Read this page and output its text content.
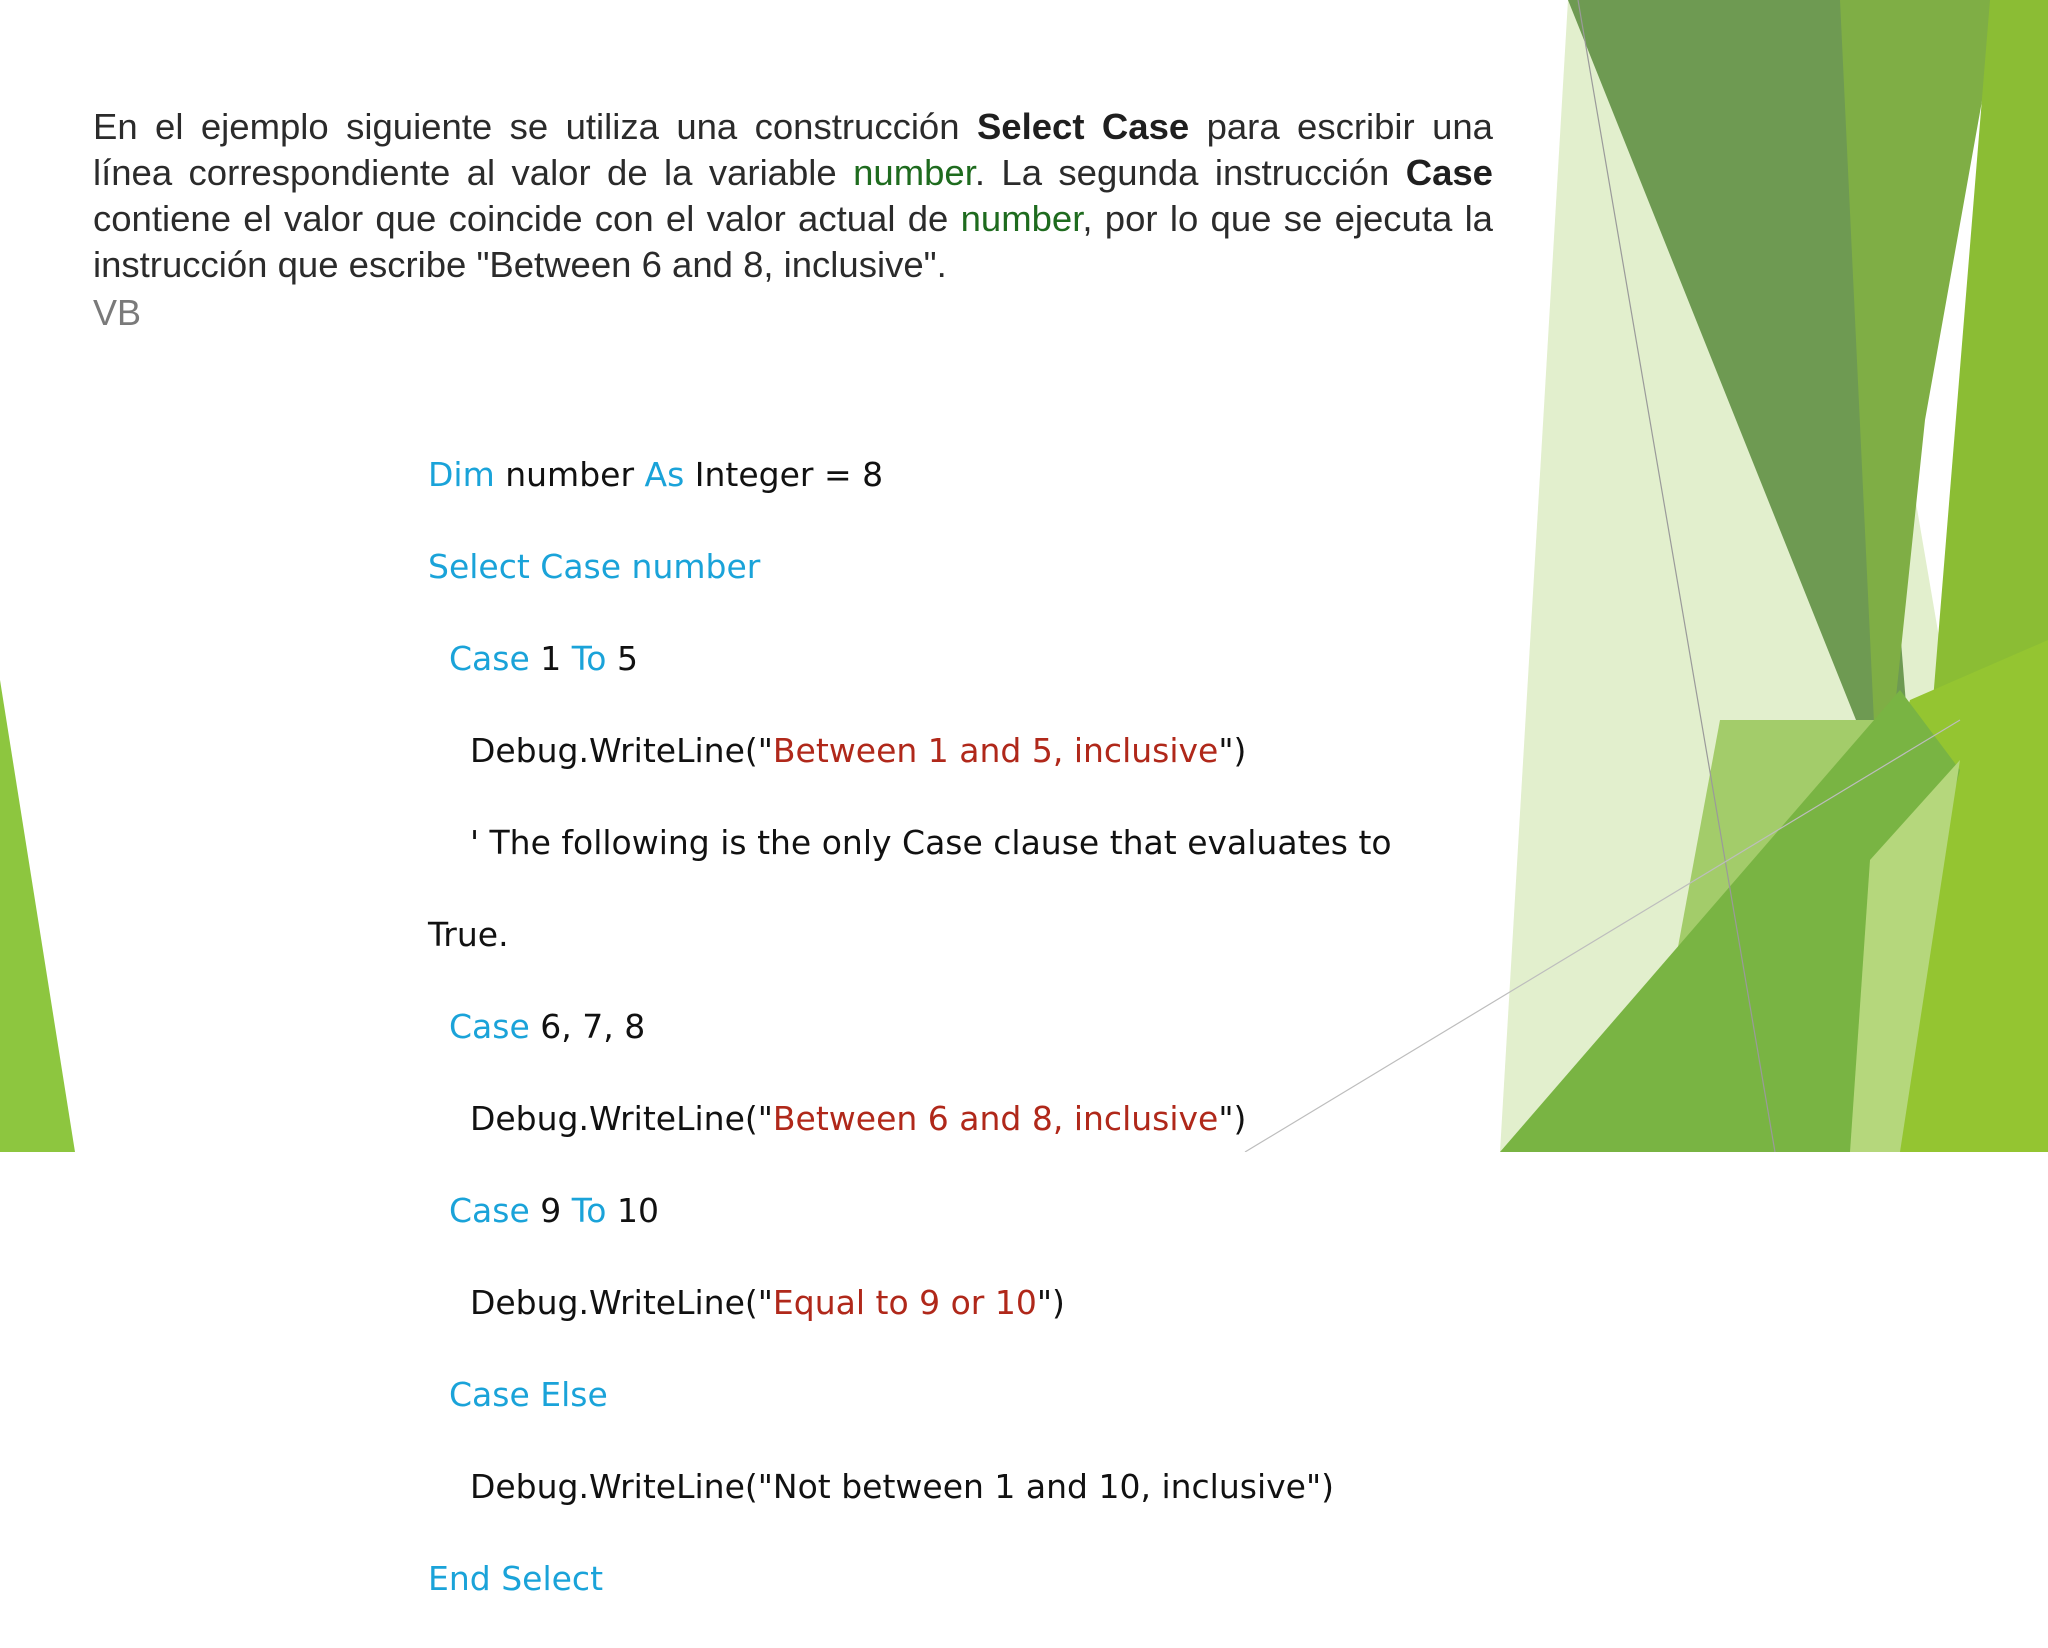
En el ejemplo siguiente se utiliza una construcción Select Case para escribir una línea correspondiente al valor de la variable number. La segunda instrucción Case contiene el valor que coincide con el valor actual de number, por lo que se ejecuta la instrucción que escribe "Between 6 and 8, inclusive".
VB

Dim number As Integer = 8

Select Case number

Case 1 To 5

Debug.WriteLine("Between 1 and 5, inclusive")

' The following is the only Case clause that evaluates to

True.

Case 6, 7, 8

Debug.WriteLine("Between 6 and 8, inclusive")

Case 9 To 10

Debug.WriteLine("Equal to 9 or 10")

Case Else

Debug.WriteLine("Not between 1 and 10, inclusive")

End Select
